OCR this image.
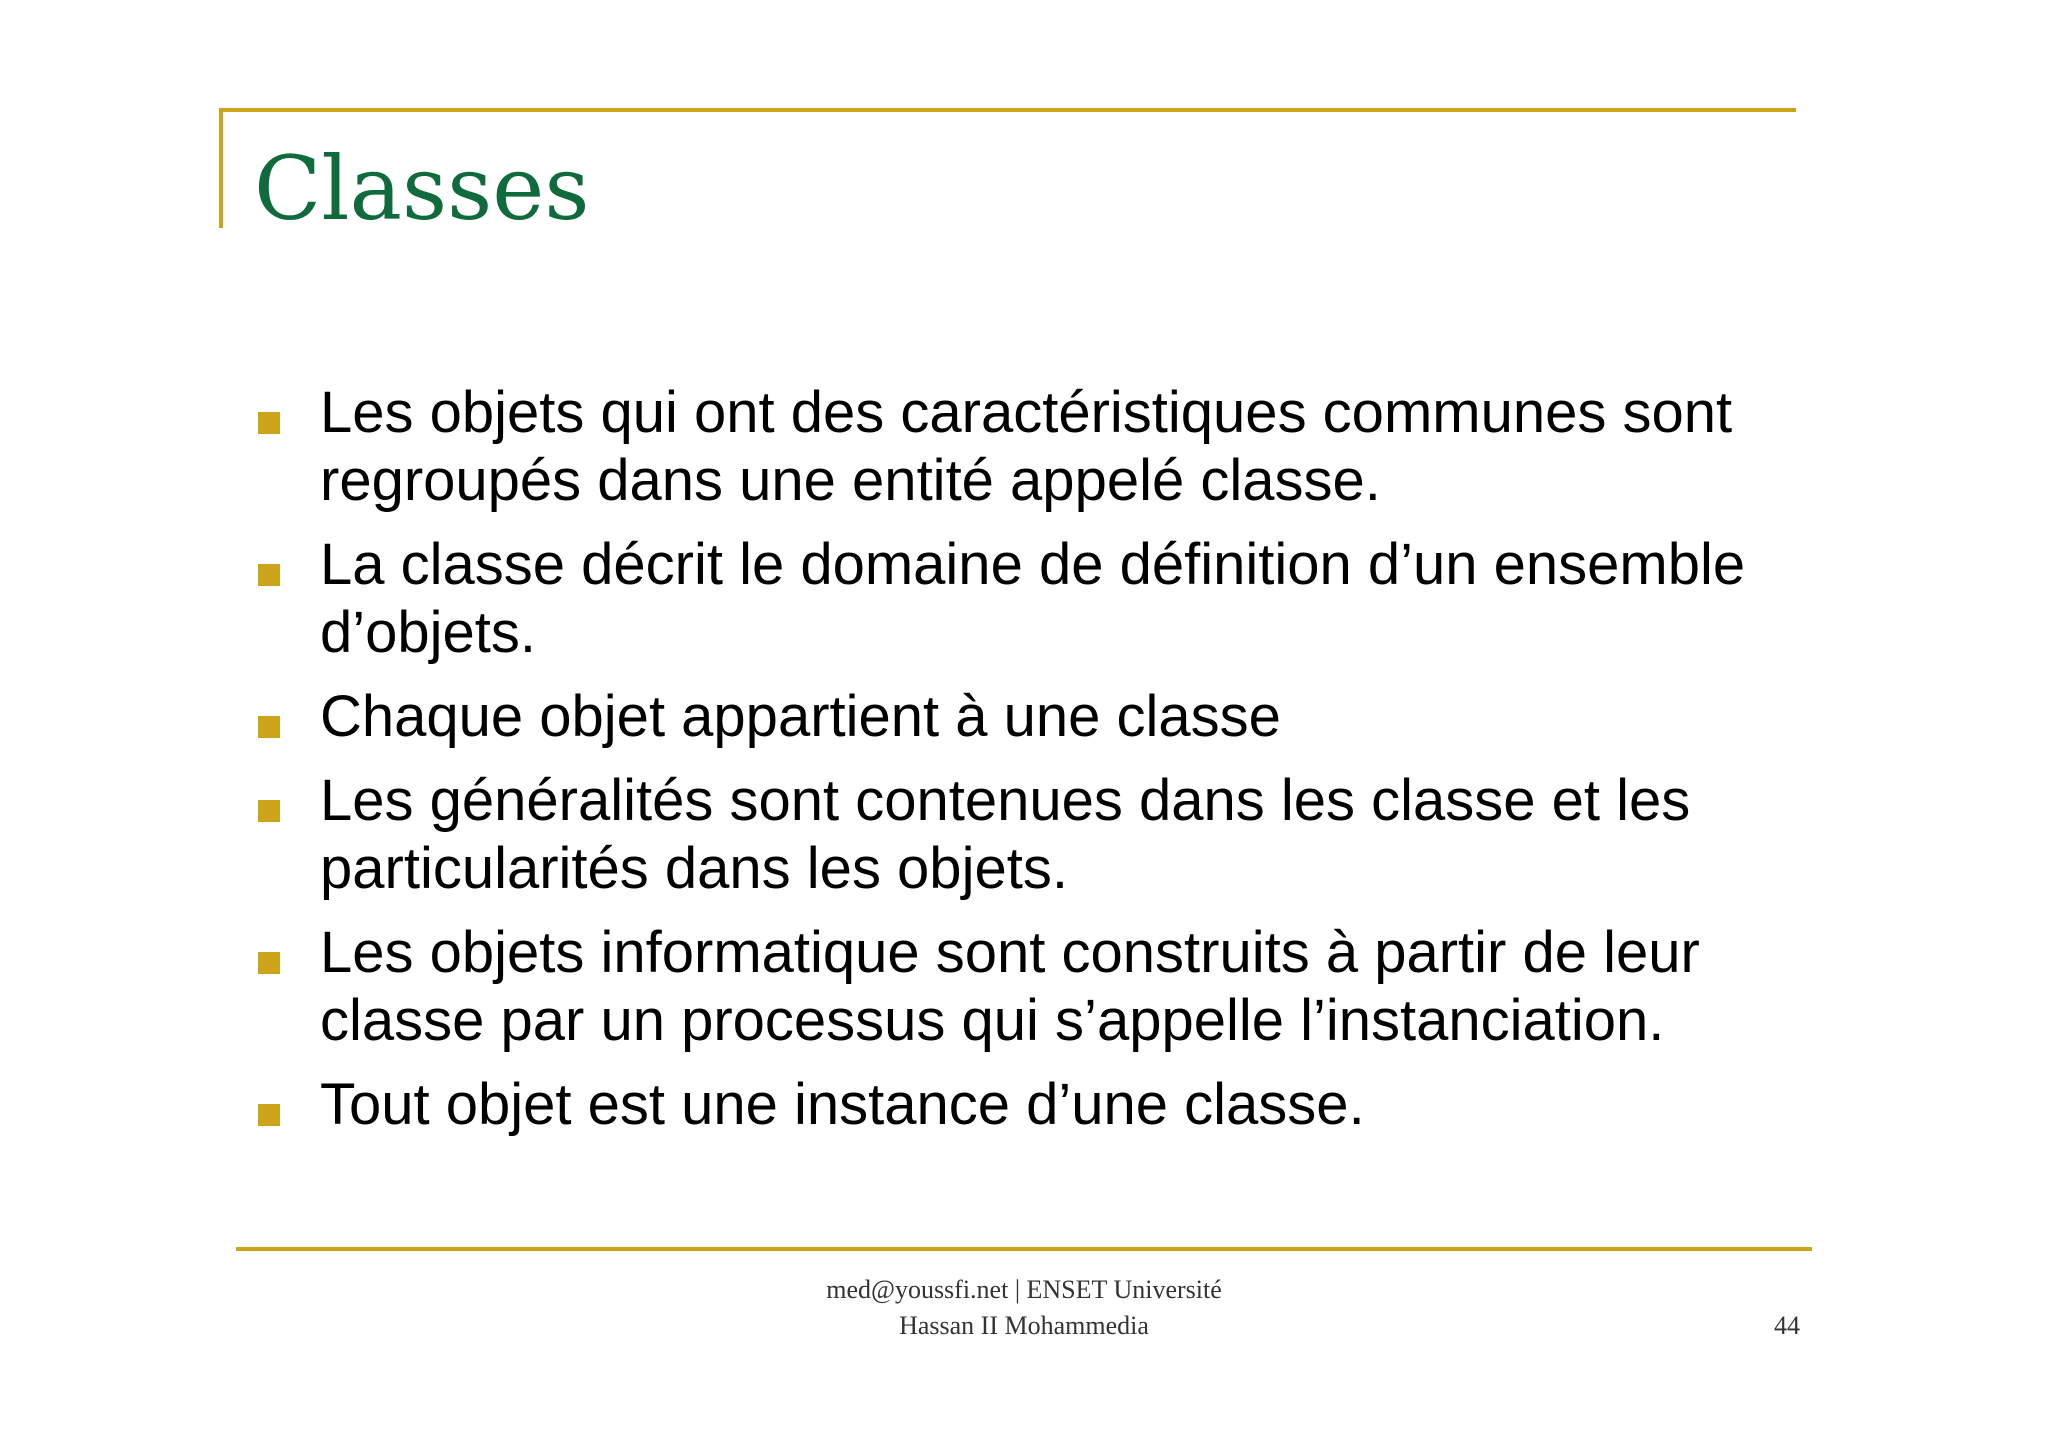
Classes
Les objets qui ont des caractéristiques communes sont regroupés dans une entité appelé classe.
La classe décrit le domaine de définition d’un ensemble d’objets.
Chaque objet appartient à une classe
Les généralités sont contenues dans les classe et les particularités dans les objets.
Les objets informatique sont construits à partir de leur classe par un processus qui s’appelle l’instanciation.
Tout objet est une instance d’une classe.
med@youssfi.net | ENSET Université
Hassan II Mohammedia	44
